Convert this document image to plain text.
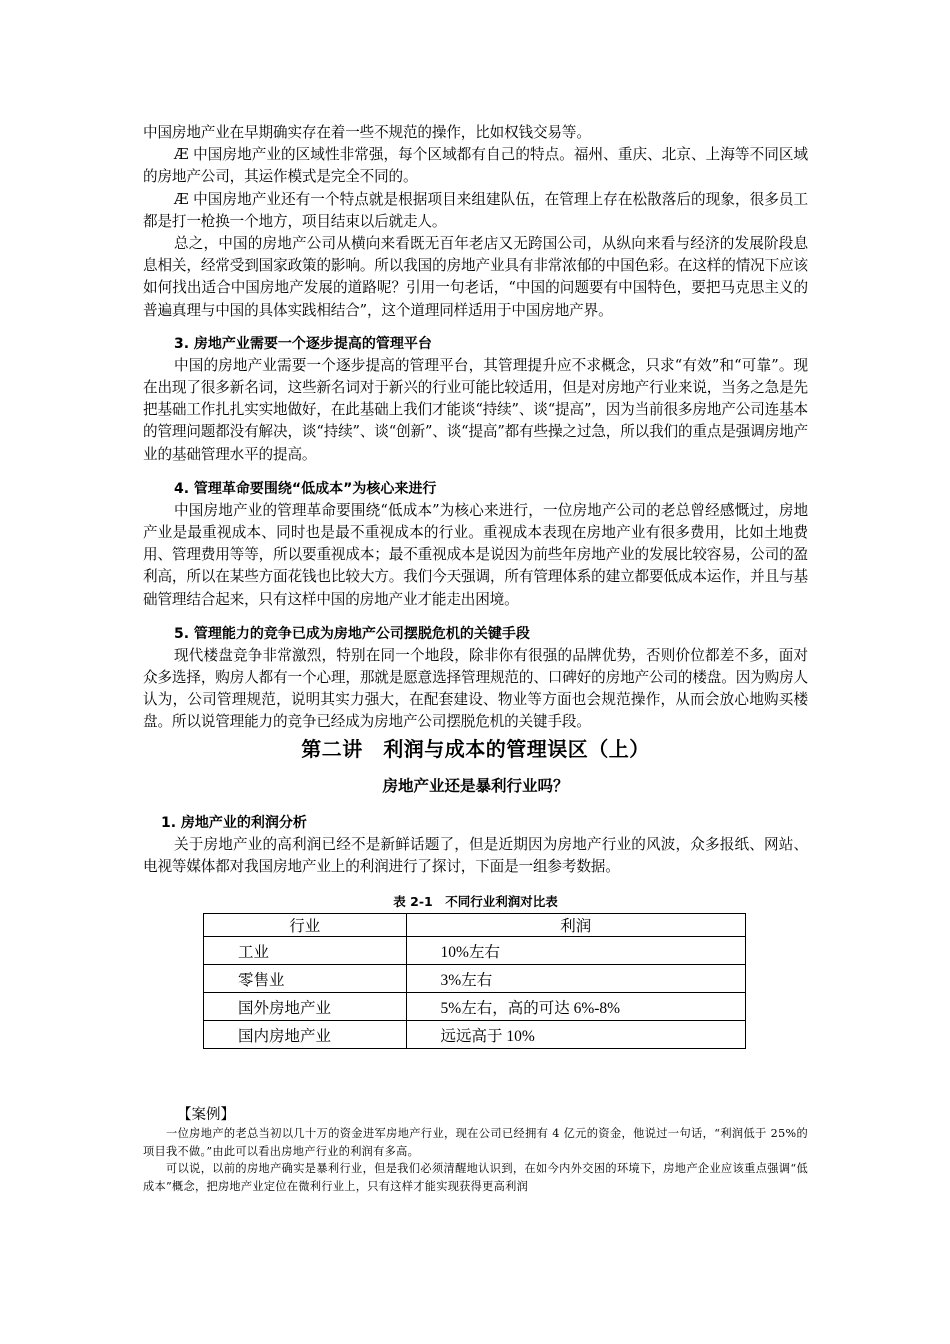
中国房地产业在早期确实存在着一些不规范的操作，比如权钱交易等。

Æ 中国房地产业的区域性非常强，每个区域都有自己的特点。福州、重庆、北京、上海等不同区域的房地产公司，其运作模式是完全不同的。

Æ 中国房地产业还有一个特点就是根据项目来组建队伍，在管理上存在松散落后的现象，很多员工都是打一枪换一个地方，项目结束以后就走人。

总之，中国的房地产公司从横向来看既无百年老店又无跨国公司，从纵向来看与经济的发展阶段息息相关，经常受到国家政策的影响。所以我国的房地产业具有非常浓郁的中国色彩。在这样的情况下应该如何找出适合中国房地产发展的道路呢？引用一句老话，“中国的问题要有中国特色，要把马克思主义的普遍真理与中国的具体实践相结合”，这个道理同样适用于中国房地产界。

3. 房地产业需要一个逐步提高的管理平台

中国的房地产业需要一个逐步提高的管理平台，其管理提升应不求概念，只求“有效”和“可靠”。现在出现了很多新名词，这些新名词对于新兴的行业可能比较适用，但是对房地产行业来说，当务之急是先把基础工作扎扎实实地做好，在此基础上我们才能谈“持续”、谈“提高”，因为当前很多房地产公司连基本的管理问题都没有解决，谈“持续”、谈“创新”、谈“提高”都有些操之过急，所以我们的重点是强调房地产业的基础管理水平的提高。

4. 管理革命要围绕“低成本”为核心来进行

中国房地产业的管理革命要围绕“低成本”为核心来进行，一位房地产公司的老总曾经感慨过，房地产业是最重视成本、同时也是最不重视成本的行业。重视成本表现在房地产业有很多费用，比如土地费用、管理费用等等，所以要重视成本；最不重视成本是说因为前些年房地产业的发展比较容易，公司的盈利高，所以在某些方面花钱也比较大方。我们今天强调，所有管理体系的建立都要低成本运作，并且与基础管理结合起来，只有这样中国的房地产业才能走出困境。

5. 管理能力的竞争已成为房地产公司摆脱危机的关键手段

现代楼盘竞争非常激烈，特别在同一个地段，除非你有很强的品牌优势，否则价位都差不多，面对众多选择，购房人都有一个心理，那就是愿意选择管理规范的、口碑好的房地产公司的楼盘。因为购房人认为，公司管理规范，说明其实力强大，在配套建设、物业等方面也会规范操作，从而会放心地购买楼盘。所以说管理能力的竞争已经成为房地产公司摆脱危机的关键手段。

第二讲　利润与成本的管理误区（上）
房地产业还是暴利行业吗？
1. 房地产业的利润分析

关于房地产业的高利润已经不是新鲜话题了，但是近期因为房地产行业的风波，众多报纸、网站、电视等媒体都对我国房地产业上的利润进行了探讨，下面是一组参考数据。

表 2-1　不同行业利润对比表
行业	利润
工业	10%左右
零售业	3%左右
国外房地产业	5%左右，高的可达 6%-8%
国内房地产业	远远高于 10%
【案例】

一位房地产的老总当初以几十万的资金进军房地产行业，现在公司已经拥有 4 亿元的资金，他说过一句话，“利润低于 25%的项目我不做。”由此可以看出房地产行业的利润有多高。

可以说，以前的房地产确实是暴利行业，但是我们必须清醒地认识到，在如今内外交困的环境下，房地产企业应该重点强调“低成本”概念，把房地产业定位在微利行业上，只有这样才能实现获得更高利润
